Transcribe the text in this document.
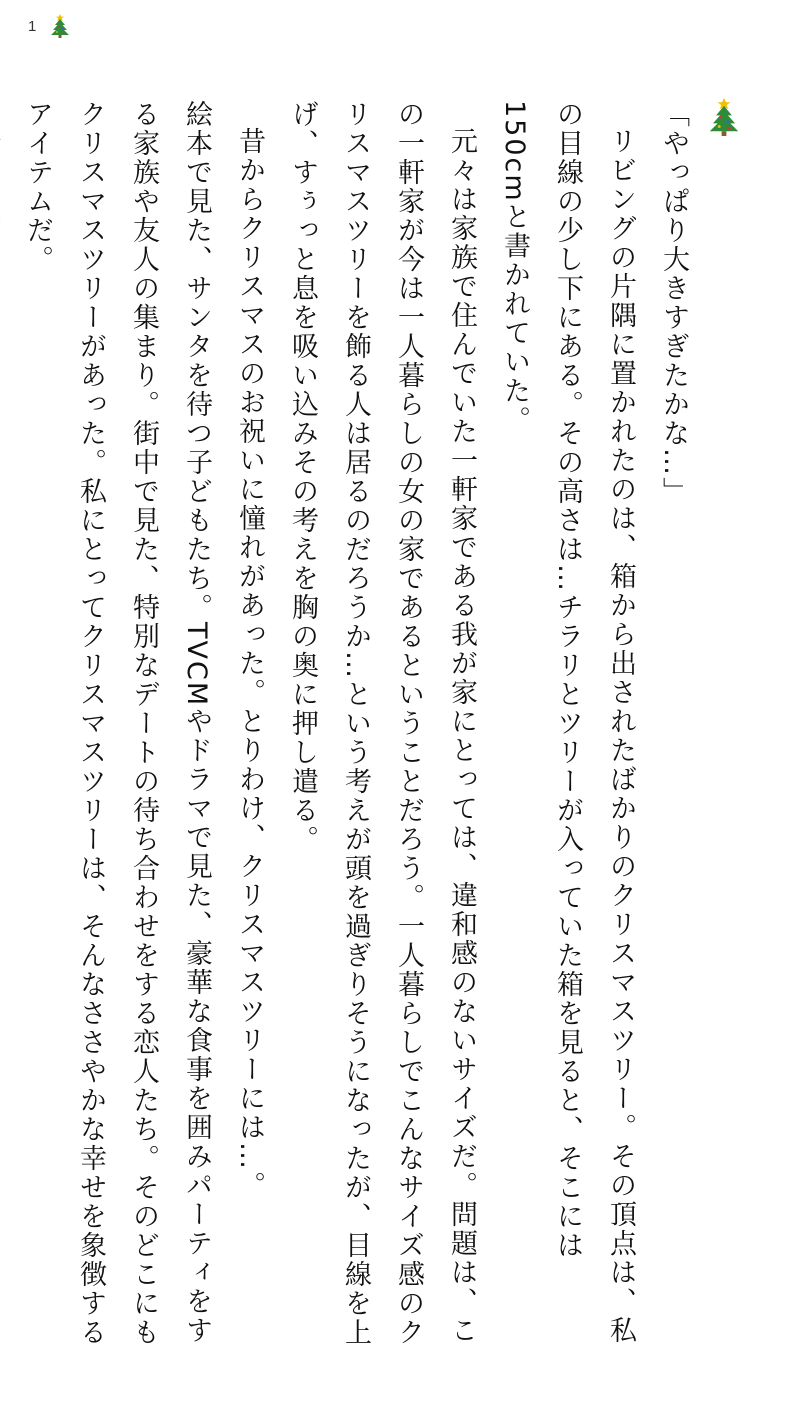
1

「やっぱり大きすぎたかな…」

リビングの片隅に置かれたのは、箱から出されたばかりのクリスマスツリー。その頂点は、私の目線の少し下にある。その高さは…チラリとツリーが入っていた箱を見ると、そこには150cmと書かれていた。

元々は家族で住んでいた一軒家である我が家にとっては、違和感のないサイズだ。問題は、この一軒家が今は一人暮らしの女の家であるということだろう。一人暮らしでこんなサイズ感のクリスマスツリーを飾る人は居るのだろうか…という考えが頭を過ぎりそうになったが、目線を上げ、すぅっと息を吸い込みその考えを胸の奥に押し遣る。

昔からクリスマスのお祝いに憧れがあった。とりわけ、クリスマスツリーには…。

絵本で見た、サンタを待つ子どもたち。TVCMやドラマで見た、豪華な食事を囲みパーティをする家族や友人の集まり。街中で見た、特別なデートの待ち合わせをする恋人たち。そのどこにもクリスマスツリーがあった。私にとってクリスマスツリーは、そんなささやかな幸せを象徴するアイテムだ。
